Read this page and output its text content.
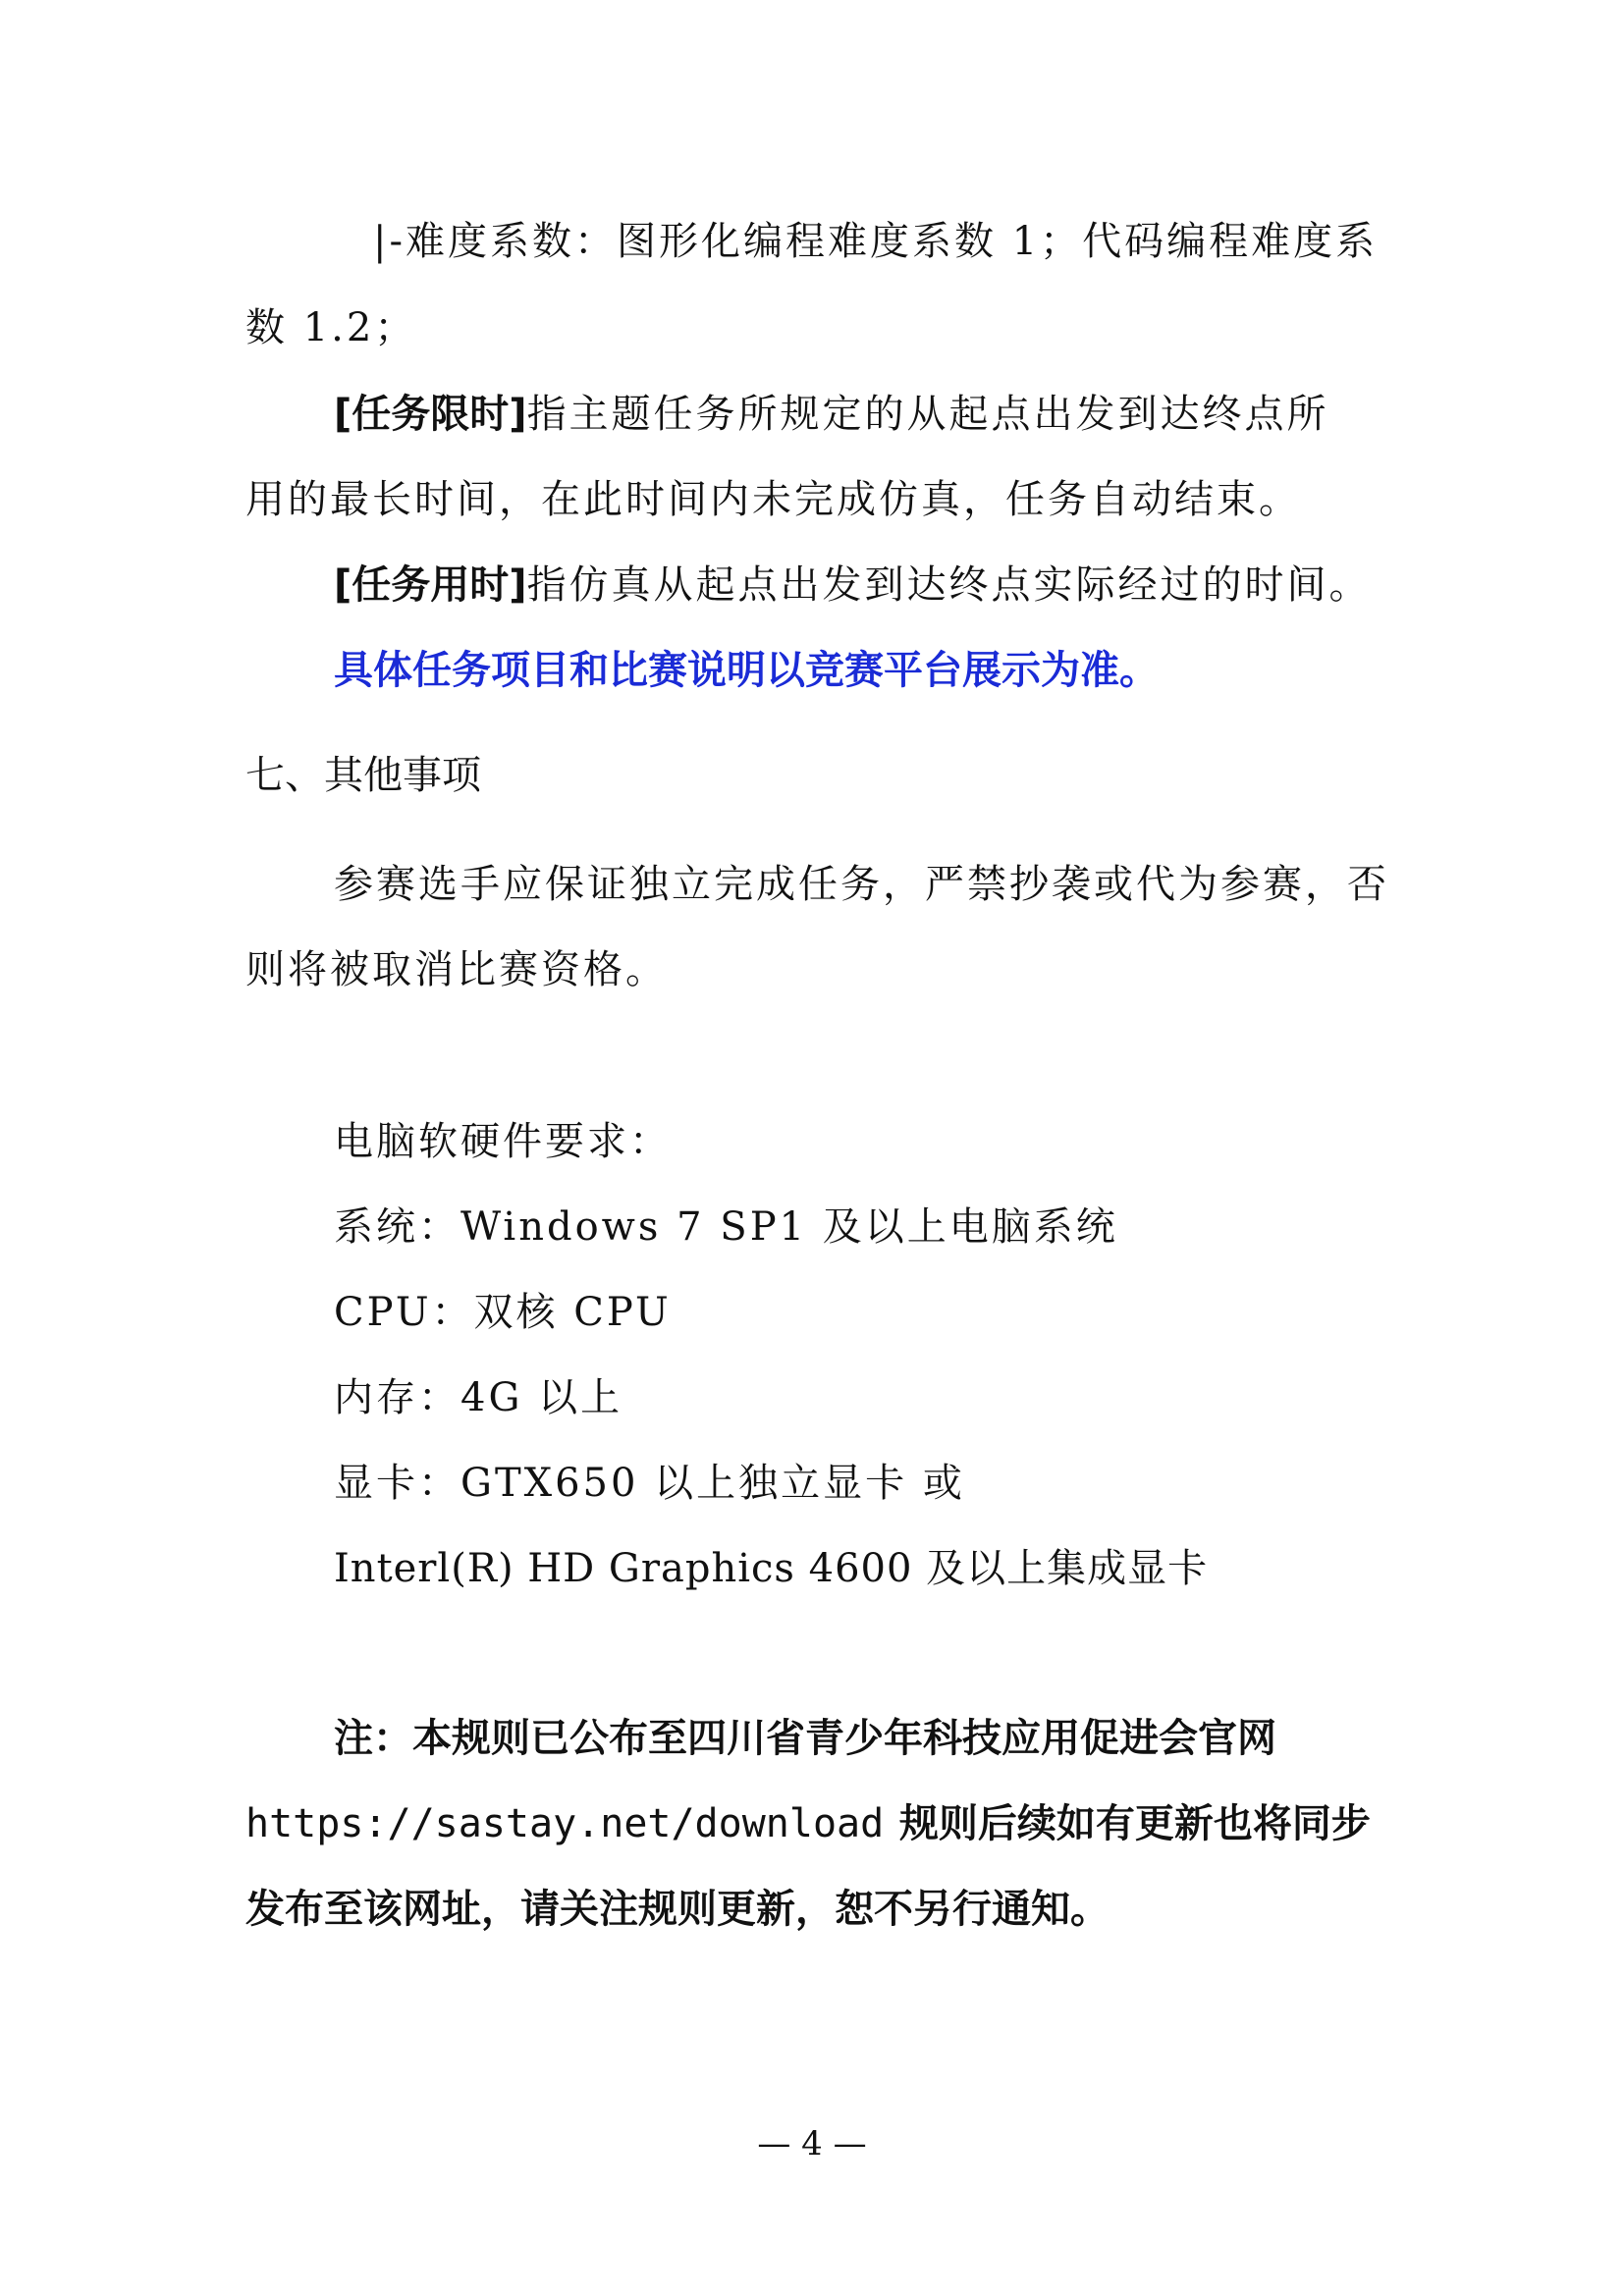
|-难度系数：图形化编程难度系数 1；代码编程难度系
数 1.2；
[任务限时]指主题任务所规定的从起点出发到达终点所
用的最长时间，在此时间内未完成仿真，任务自动结束。
[任务用时]指仿真从起点出发到达终点实际经过的时间。
具体任务项目和比赛说明以竞赛平台展示为准。
七、其他事项
参赛选手应保证独立完成任务，严禁抄袭或代为参赛，否
则将被取消比赛资格。
电脑软硬件要求：
系统：Windows 7 SP1 及以上电脑系统
CPU：双核 CPU
内存：4G 以上
显卡：GTX650 以上独立显卡 或
Interl(R) HD Graphics 4600 及以上集成显卡
注：本规则已公布至四川省青少年科技应用促进会官网
https://sastay.net/download 规则后续如有更新也将同步
发布至该网址，请关注规则更新，恕不另行通知。
— 4 —
